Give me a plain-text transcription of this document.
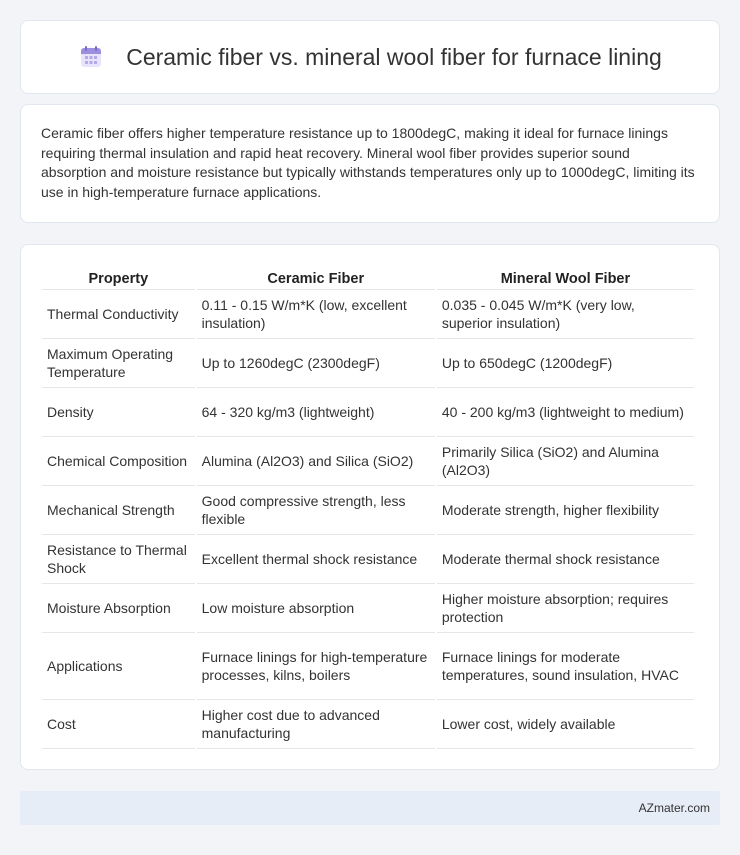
Ceramic fiber vs. mineral wool fiber for furnace lining

Ceramic fiber offers higher temperature resistance up to 1800degC, making it ideal for furnace linings requiring thermal insulation and rapid heat recovery. Mineral wool fiber provides superior sound absorption and moisture resistance but typically withstands temperatures only up to 1000degC, limiting its use in high-temperature furnace applications.

Property	Ceramic Fiber	Mineral Wool Fiber
Thermal Conductivity	0.11 - 0.15 W/m*K (low, excellent insulation)	0.035 - 0.045 W/m*K (very low, superior insulation)
Maximum Operating Temperature	Up to 1260degC (2300degF)	Up to 650degC (1200degF)
Density	64 - 320 kg/m3 (lightweight)	40 - 200 kg/m3 (lightweight to medium)
Chemical Composition	Alumina (Al2O3) and Silica (SiO2)	Primarily Silica (SiO2) and Alumina (Al2O3)
Mechanical Strength	Good compressive strength, less flexible	Moderate strength, higher flexibility
Resistance to Thermal Shock	Excellent thermal shock resistance	Moderate thermal shock resistance
Moisture Absorption	Low moisture absorption	Higher moisture absorption; requires protection
Applications	Furnace linings for high-temperature processes, kilns, boilers	Furnace linings for moderate temperatures, sound insulation, HVAC
Cost	Higher cost due to advanced manufacturing	Lower cost, widely available
AZmater.com
